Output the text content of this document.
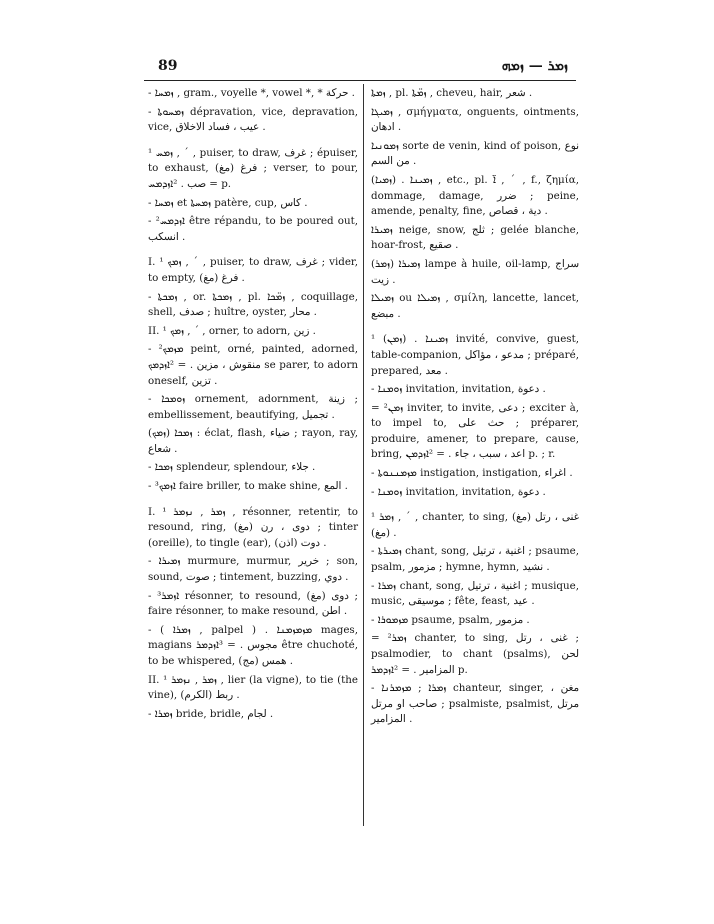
89	ܙܡܪ — ܙܡܗ

- ܙܡܚܐ , gram., voyelle *, vowel *, * حركة .

- ܙܡܚܘܬܐ dépravation, vice, depravation, vice, عيب ، فساد الاخلاق .

¹ ܙܡܚ , ˊ , puiser, to draw, غرف ; épuiser, to exhaust, (مغ) فرغ ; verser, to pour, صب . ²ܐܙܕܡܚ = p.

- ܙܡܚܐ et ܙܡܚܬܐ patère, cup, كاس .

- ²ܐܙܕܡܚ être répandu, to be poured out, انسكب .

I. ¹ ܙܡܟ , ˊ , puiser, to draw, غرف ; vider, to empty, (مغ) فرغ .

- ܙܡܟܬܐ , or. ܙܡܟܬܐ , pl. ܙܡ̈ܟܐ , coquillage, shell, صدف ; huître, oyster, محار .

II. ¹ ܙܡܟ , ˊ , orner, to adorn, زين .

- ²ܡܙܡܟ peint, orné, painted, adorned, منقوش ، مزين . = ²ܐܙܕܡܟ se parer, to adorn oneself, تزين .

- ܙܘܡܟܐ ornement, adornment, زينة ; embellissement, beautifying, تجميل .

(ܙܡܟ) ܙܡܟܐ : éclat, flash, ضياء ; rayon, ray, شعاع .

- ܙܡܟܐ splendeur, splendour, جلاء .

- ³ܐܙܡܟ faire briller, to make shine, المع .

I. ¹ ܙܡܪ , ܢܙܡܪ , résonner, retentir, to resound, ring, (مغ) دوى ، رن ; tinter (oreille), to tingle (ear), (اذن) دوت .

- ܙܡܝܪܐ murmure, murmur, خرير ; son, sound, صوت ; tintement, buzzing, دوي .

- ³ܐܙܡܪ résonner, to resound, (مغ) دوى ; faire résonner, to make resound, اطن .

- ( ܙܡܪܐ , palpel ) . ܡܙܡܙܡܢܐ mages, magians مجوس . = ³ܐܙܕܡܪ être chuchoté, to be whispered, (مج) همس .

II. ¹ ܙܡܪ , ܢܙܡܪ , lier (la vigne), to tie (the vine), (الكرم) ربط .

- ܙܡܪܐ bride, bridle, لجام .

ܙܡܬܐ , pl. ܙܡ̈ܬܐ , cheveu, hair, شعر .

ܙܡܝܓܐ , σμήγματα, onguents, ointments, ادهان .

ܙܡܘܢܝܐ sorte de venin, kind of poison, نوع من السم .

(ܙܡܝܐ) . ܙܡܝܢܐ , etc., pl. ܐ̈ , ˊ , f., ζημία, dommage, damage, ضرر ; peine, amende, penalty, fine, دية ، قصاص .

ܙܡܝܪܐ neige, snow, ثلج ; gelée blanche, hoar-frost, صقيع .

(ܙܡܪ) ܙܡܝܪܐ lampe à huile, oil-lamp, سراج زيت .

ܙܡܝܠܐ ou ܙܡܝܠܐ , σμίλη, lancette, lancet, مبضع .

¹ (ܙܡܢ) . ܙܡܝܢܐ invité, convive, guest, table-companion, مدعو ، مؤاكل ; préparé, prepared, معد .

- ܙܘܡܢܐ invitation, invitation, دعوة .

= ²ܙܡܢ inviter, to invite, دعى ; exciter à, to impel to, حث على ; préparer, produire, amener, to prepare, cause, bring, اعد ، سبب ، جاء . = ²ܐܙܕܡܢ p. ; r.

- ܡܙܡܢܢܘܬܐ instigation, instigation, اغراء .

- ܙܘܡܢܐ invitation, invitation, دعوة .

¹ ܙܡܪ , ˊ , chanter, to sing, (مغ) غنى ، رتل (مغ) .

- ܙܡܝܪܬܐ chant, song, اغنية ، ترتيل ; psaume, psalm, مزمور ; hymne, hymn, نشيد .

- ܙܡܪܐ chant, song, اغنية ، ترتيل ; musique, music, موسيقى ; fête, feast, عيد .

- ܡܙܡܘܪܐ psaume, psalm, مزمور .

= ²ܙܡܪ chanter, to sing, غنى ، رتل ; psalmodier, to chant (psalms), لحن المزامير . = ²ܐܙܕܡܪ p.

- ܙܡܪܐ ; ܡܙܡܪܢܐ chanteur, singer, مغن ، صاحب او مرتل ; psalmiste, psalmist, مرتل المزامير .
